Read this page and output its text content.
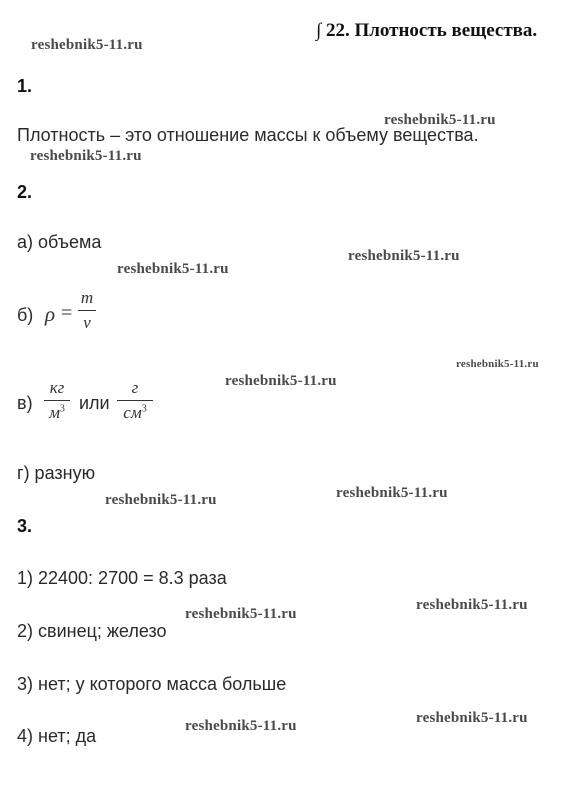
∫ 22. Плотность вещества.
reshebnik5-11.ru
reshebnik5-11.ru
reshebnik5-11.ru
reshebnik5-11.ru
reshebnik5-11.ru
reshebnik5-11.ru
reshebnik5-11.ru
reshebnik5-11.ru
reshebnik5-11.ru
reshebnik5-11.ru
reshebnik5-11.ru
reshebnik5-11.ru
reshebnik5-11.ru
1.
Плотность – это отношение массы к объему вещества.
2.
а) объема
б) ρ =
m
v
в)
кг
$м^3$ или
г
$см^3$
г) разную
3.
1) 22400: 2700 = 8.3 раза
2) свинец; железо
3) нет; у которого масса больше
4) нет; да
